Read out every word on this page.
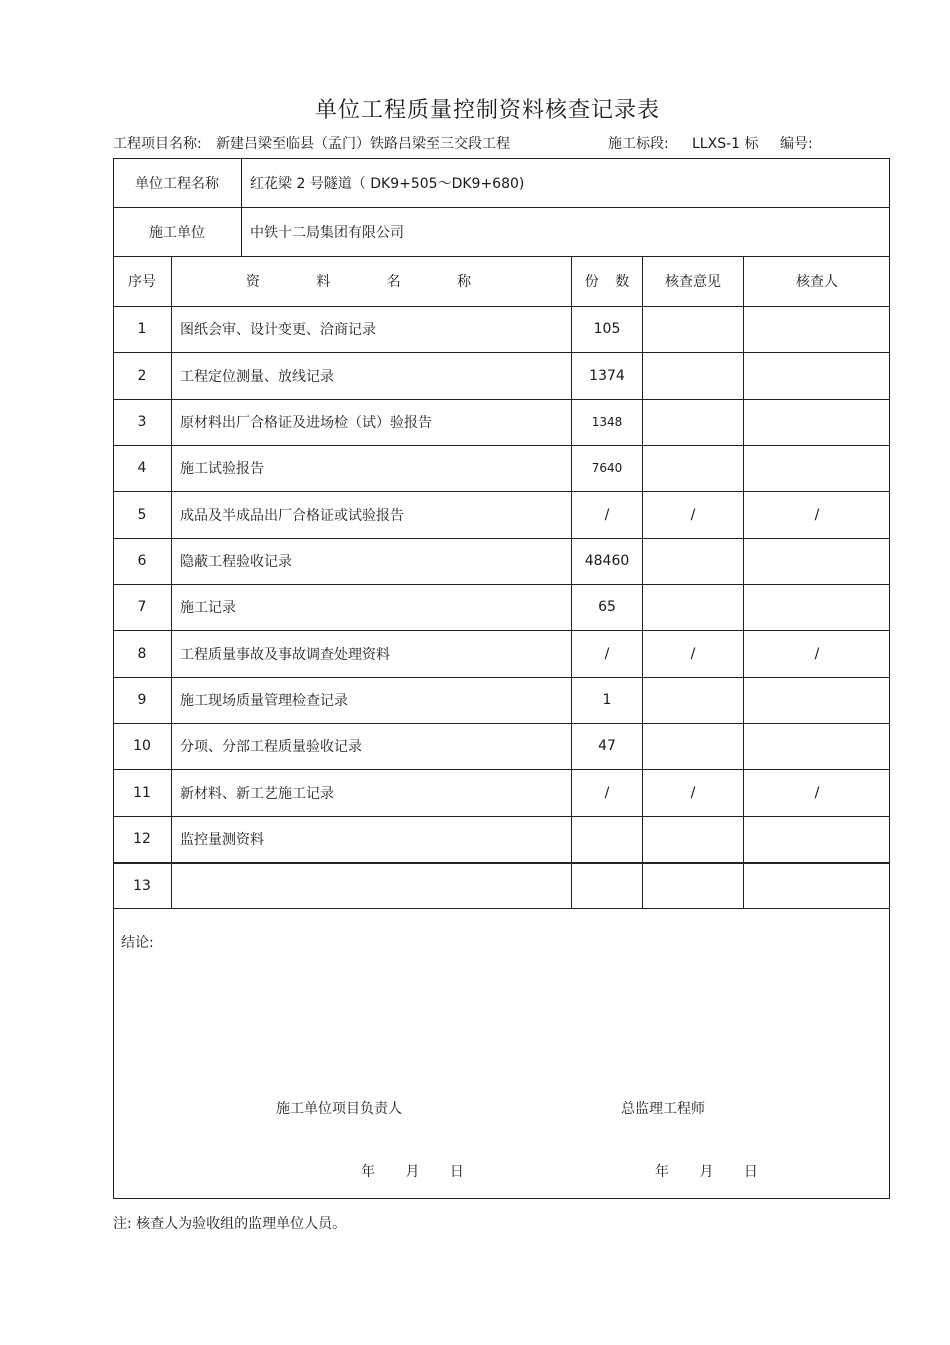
单位工程质量控制资料核查记录表
工程项目名称: 新建吕梁至临县（孟门）铁路吕梁至三交段工程	施工标段: LLXS-1 标 编号:
单位工程名称	红花梁 2 号隧道（ DK9+505～DK9+680)
施工单位	中铁十二局集团有限公司
序号	资 料 名 称	份 数	核查意见	核查人
1	图纸会审、设计变更、洽商记录	105
2	工程定位测量、放线记录	1374
3	原材料出厂合格证及进场检（试）验报告	1348
4	施工试验报告	7640
5	成品及半成品出厂合格证或试验报告	/	/	/
6	隐蔽工程验收记录	48460
7	施工记录	65
8	工程质量事故及事故调查处理资料	/	/	/
9	施工现场质量管理检查记录	1
10	分项、分部工程质量验收记录	47
11	新材料、新工艺施工记录	/	/	/
12	监控量测资料
13
结论:
施工单位项目负责人	总监理工程师
年 月 日	年 月 日
注: 核查人为验收组的监理单位人员。
